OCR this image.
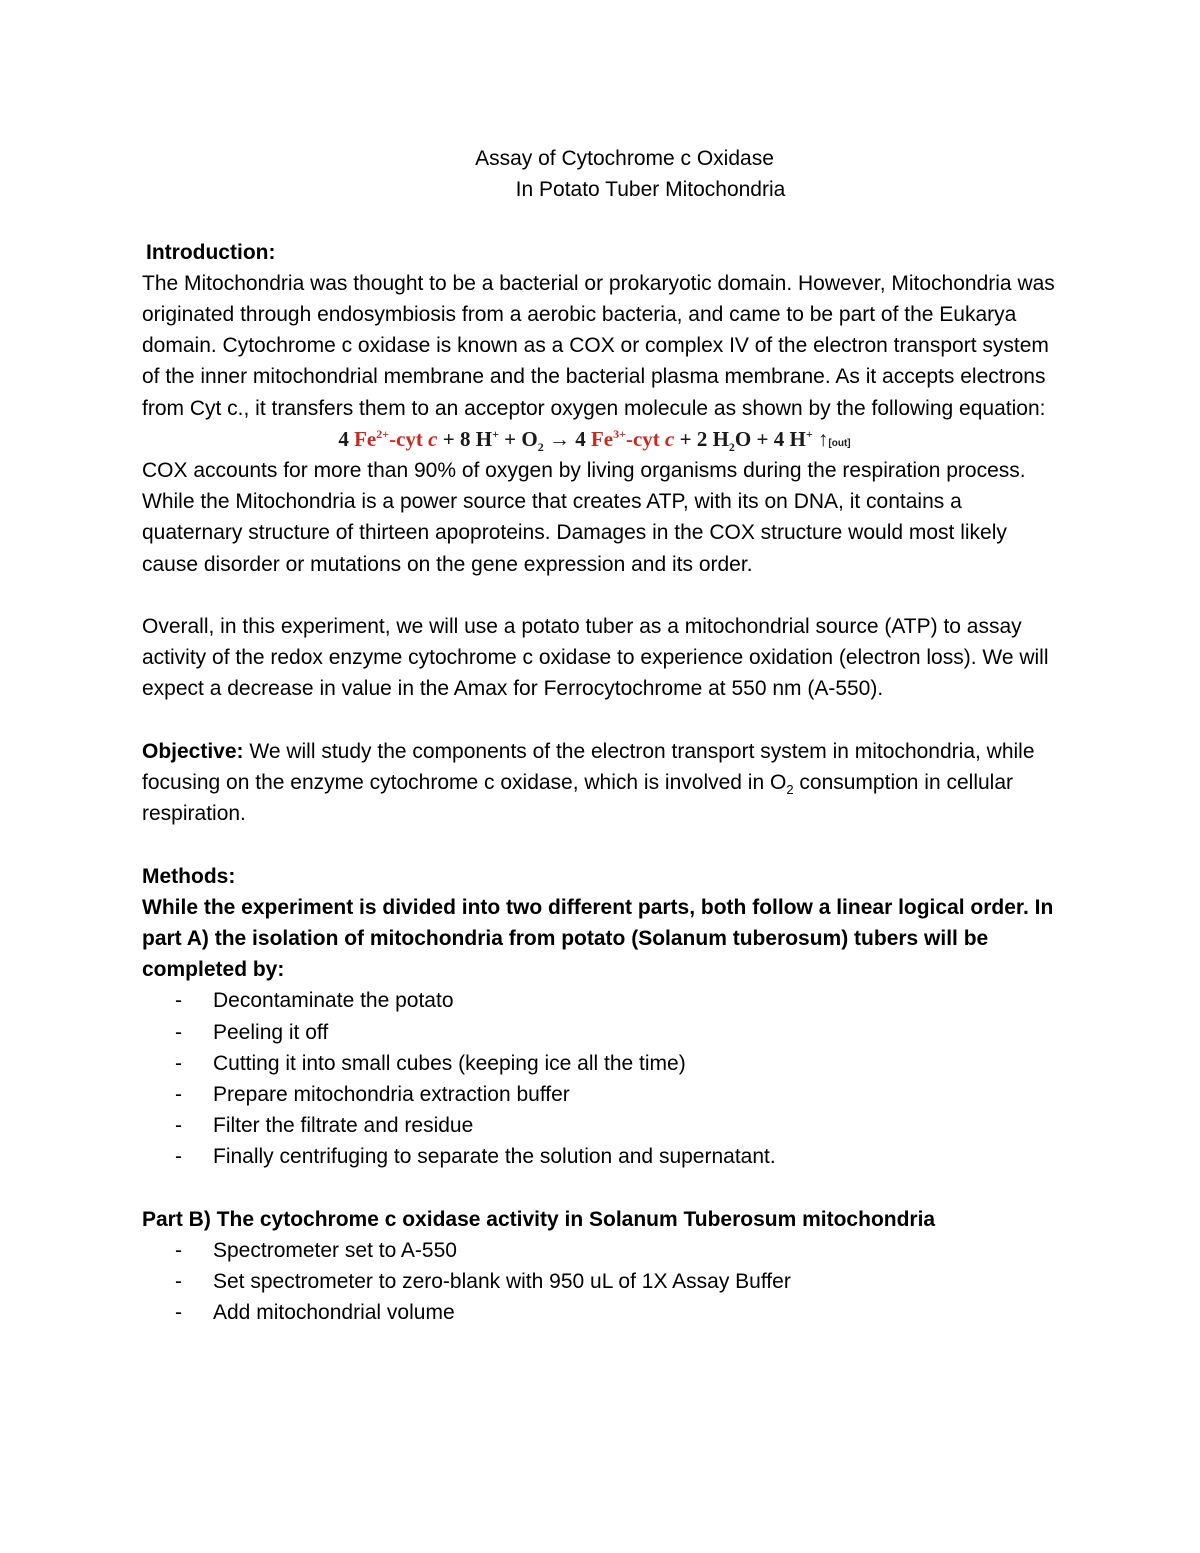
Assay of Cytochrome c Oxidase
In Potato Tuber Mitochondria
Introduction:

The Mitochondria was thought to be a bacterial or prokaryotic domain. However, Mitochondria was originated through endosymbiosis from a aerobic bacteria, and came to be part of the Eukarya domain. Cytochrome c oxidase is known as a COX or complex IV of the electron transport system of the inner mitochondrial membrane and the bacterial plasma membrane. As it accepts electrons from Cyt c., it transfers them to an acceptor oxygen molecule as shown by the following equation:

4 $Fe^{2+}$-cyt c + 8 $H^+ + O_2 \to 4$ $Fe^{3+}$-cyt c + 2 $H_2O + 4$ H+ ↑[out]

COX accounts for more than 90% of oxygen by living organisms during the respiration process. While the Mitochondria is a power source that creates ATP, with its on DNA, it contains a quaternary structure of thirteen apoproteins. Damages in the COX structure would most likely cause disorder or mutations on the gene expression and its order.

Overall, in this experiment, we will use a potato tuber as a mitochondrial source (ATP) to assay activity of the redox enzyme cytochrome c oxidase to experience oxidation (electron loss). We will expect a decrease in value in the Amax for Ferrocytochrome at 550 nm (A-550).

Objective: We will study the components of the electron transport system in mitochondria, while focusing on the enzyme cytochrome c oxidase, which is involved in $O_2$ consumption in cellular respiration.

Methods:

While the experiment is divided into two different parts, both follow a linear logical order. In part A) the isolation of mitochondria from potato (Solanum tuberosum) tubers will be completed by:

- Decontaminate the potato
- Peeling it off
- Cutting it into small cubes (keeping ice all the time)
- Prepare mitochondria extraction buffer
- Filter the filtrate and residue
- Finally centrifuging to separate the solution and supernatant.
Part B) The cytochrome c oxidase activity in Solanum Tuberosum mitochondria
- Spectrometer set to A-550
- Set spectrometer to zero-blank with 950 uL of 1X Assay Buffer
- Add mitochondrial volume
